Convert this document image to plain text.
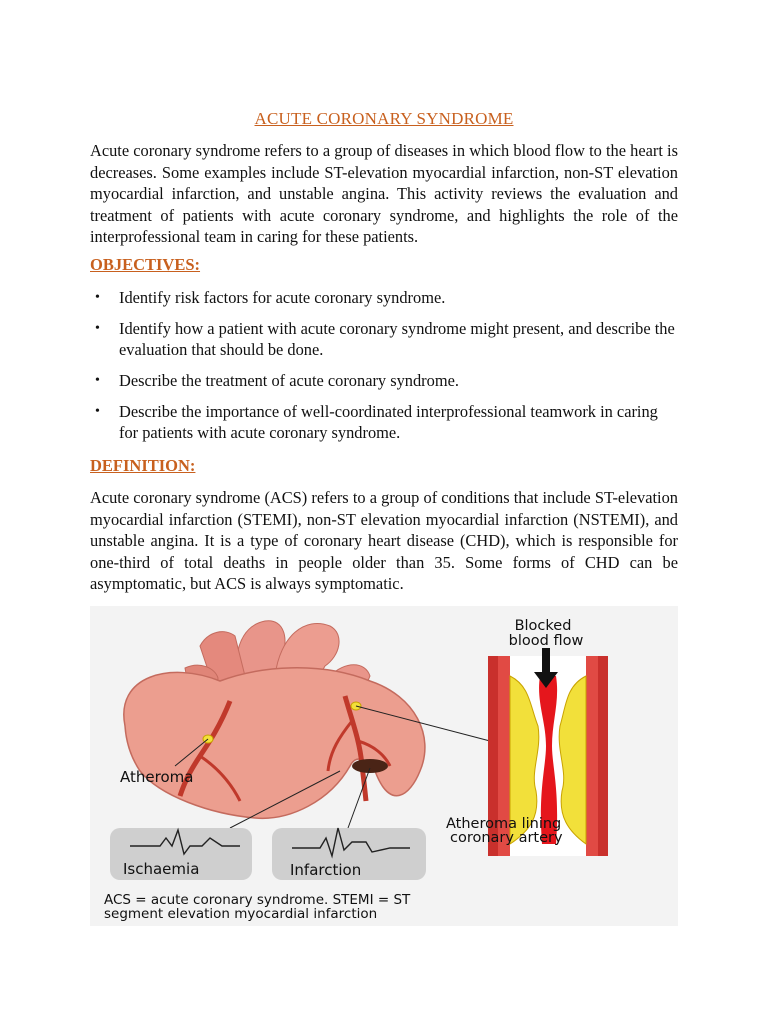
ACUTE CORONARY SYNDROME

Acute coronary syndrome refers to a group of diseases in which blood flow to the heart is decreases. Some examples include ST-elevation myocardial infarction, non-ST elevation myocardial infarction, and unstable angina. This activity reviews the evaluation and treatment of patients with acute coronary syndrome, and highlights the role of the interprofessional team in caring for these patients.

OBJECTIVES:
• Identify risk factors for acute coronary syndrome.
• Identify how a patient with acute coronary syndrome might present, and describe the evaluation that should be done.
• Describe the treatment of acute coronary syndrome.
• Describe the importance of well-coordinated interprofessional teamwork in caring for patients with acute coronary syndrome.
DEFINITION:

Acute coronary syndrome (ACS) refers to a group of conditions that include ST-elevation myocardial infarction (STEMI), non-ST elevation myocardial infarction (NSTEMI), and unstable angina. It is a type of coronary heart disease (CHD), which is responsible for one-third of total deaths in people older than 35. Some forms of CHD can be asymptomatic, but ACS is always symptomatic.

Blocked
blood flow
Atheroma
Atheroma lining
coronary artery
Ischaemia	Infarction
ACS = acute coronary syndrome. STEMI = ST
segment elevation myocardial infarction
